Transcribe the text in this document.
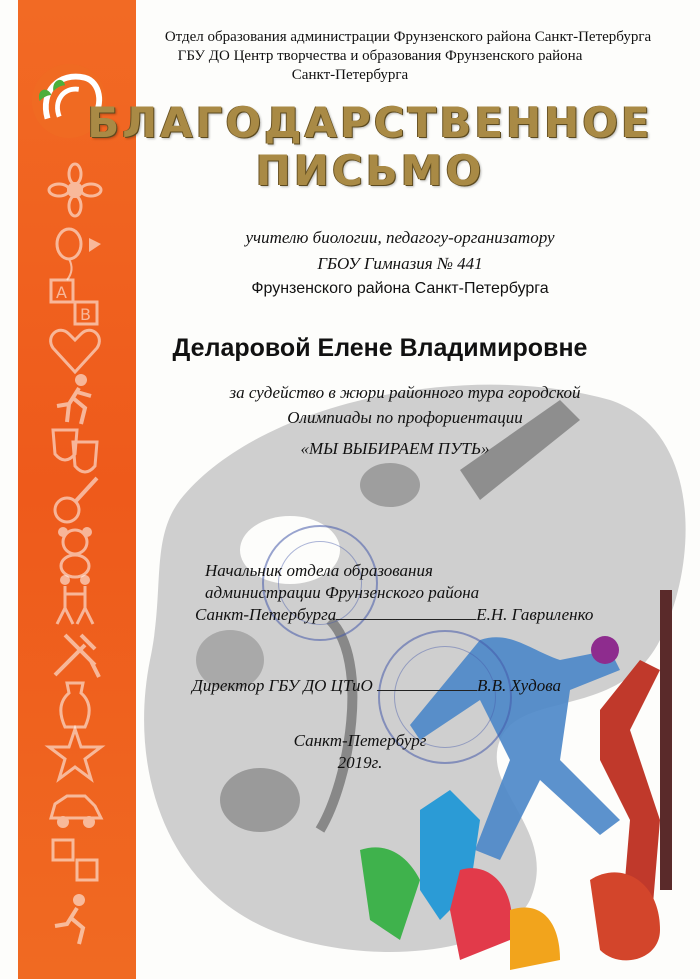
A
B
Отдел образования администрации Фрунзенского района Санкт-Петербурга
ГБУ ДО Центр творчества и образования Фрунзенского района
Санкт-Петербурга
БЛАГОДАРСТВЕННОЕ
ПИСЬМО
учителю биологии, педагогу-организатору
ГБОУ Гимназия № 441
Фрунзенского района Санкт-Петербурга
Деларовой Елене Владимировне
за судейство в жюри районного тура городской
Олимпиады по профориентации
«МЫ ВЫБИРАЕМ ПУТЬ»
Начальник отдела образования
администрации Фрунзенского района
Санкт-Петербурга	Е.Н. Гавриленко
Директор ГБУ ДО ЦТиО	В.В. Худова
Санкт-Петербург
2019г.
